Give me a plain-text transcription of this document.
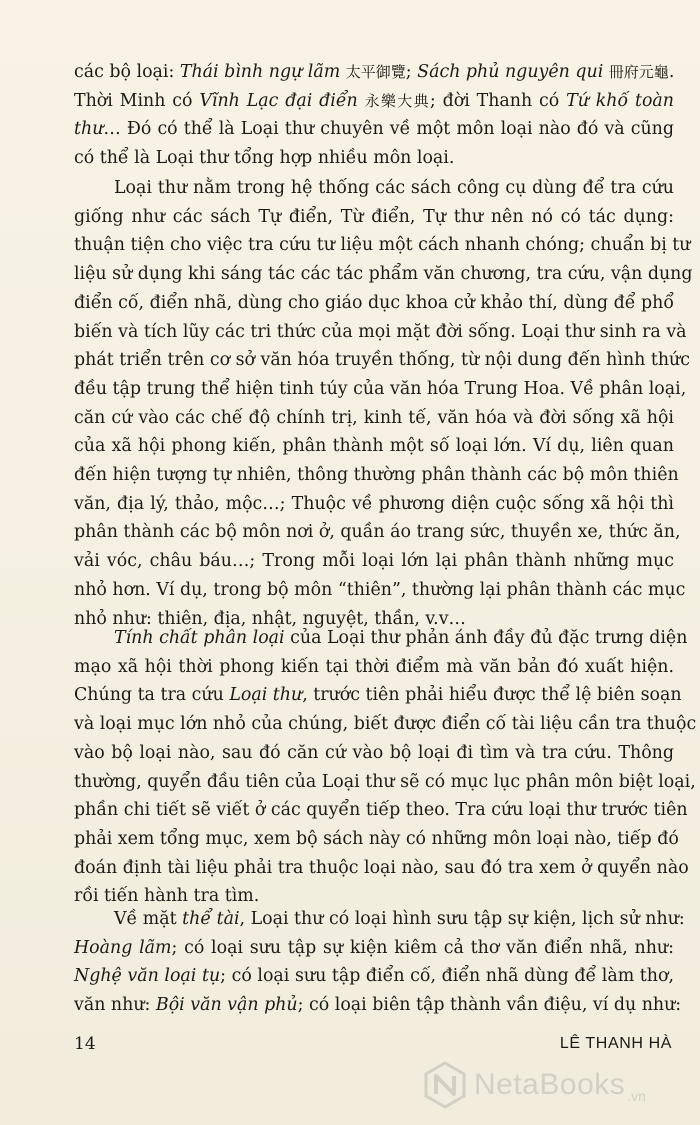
các bộ loại: Thái bình ngự lãm 太平御覽; Sách phủ nguyên qui 冊府元龜.
Thời Minh có Vĩnh Lạc đại điển 永樂大典; đời Thanh có Tứ khố toàn
thư… Đó có thể là Loại thư chuyên về một môn loại nào đó và cũng
có thể là Loại thư tổng hợp nhiều môn loại.
Loại thư nằm trong hệ thống các sách công cụ dùng để tra cứu
giống như các sách Tự điển, Từ điển, Tự thư nên nó có tác dụng:
thuận tiện cho việc tra cứu tư liệu một cách nhanh chóng; chuẩn bị tư
liệu sử dụng khi sáng tác các tác phẩm văn chương, tra cứu, vận dụng
điển cố, điển nhã, dùng cho giáo dục khoa cử khảo thí, dùng để phổ
biến và tích lũy các tri thức của mọi mặt đời sống. Loại thư sinh ra và
phát triển trên cơ sở văn hóa truyền thống, từ nội dung đến hình thức
đều tập trung thể hiện tinh túy của văn hóa Trung Hoa. Về phân loại,
căn cứ vào các chế độ chính trị, kinh tế, văn hóa và đời sống xã hội
của xã hội phong kiến, phân thành một số loại lớn. Ví dụ, liên quan
đến hiện tượng tự nhiên, thông thường phân thành các bộ môn thiên
văn, địa lý, thảo, mộc…; Thuộc về phương diện cuộc sống xã hội thì
phân thành các bộ môn nơi ở, quần áo trang sức, thuyền xe, thức ăn,
vải vóc, châu báu…; Trong mỗi loại lớn lại phân thành những mục
nhỏ hơn. Ví dụ, trong bộ môn “thiên”, thường lại phân thành các mục
nhỏ như: thiên, địa, nhật, nguyệt, thần, v.v…
Tính chất phân loại của Loại thư phản ánh đầy đủ đặc trưng diện
mạo xã hội thời phong kiến tại thời điểm mà văn bản đó xuất hiện.
Chúng ta tra cứu Loại thư, trước tiên phải hiểu được thể lệ biên soạn
và loại mục lớn nhỏ của chúng, biết được điển cố tài liệu cần tra thuộc
vào bộ loại nào, sau đó căn cứ vào bộ loại đi tìm và tra cứu. Thông
thường, quyển đầu tiên của Loại thư sẽ có mục lục phân môn biệt loại,
phần chi tiết sẽ viết ở các quyển tiếp theo. Tra cứu loại thư trước tiên
phải xem tổng mục, xem bộ sách này có những môn loại nào, tiếp đó
đoán định tài liệu phải tra thuộc loại nào, sau đó tra xem ở quyển nào
rồi tiến hành tra tìm.
Về mặt thể tài, Loại thư có loại hình sưu tập sự kiện, lịch sử như:
Hoàng lãm; có loại sưu tập sự kiện kiêm cả thơ văn điển nhã, như:
Nghệ văn loại tụ; có loại sưu tập điển cố, điển nhã dùng để làm thơ,
văn như: Bội văn vận phủ; có loại biên tập thành vần điệu, ví dụ như:
14	LÊ THANH HÀ
NetaBooks .vn
